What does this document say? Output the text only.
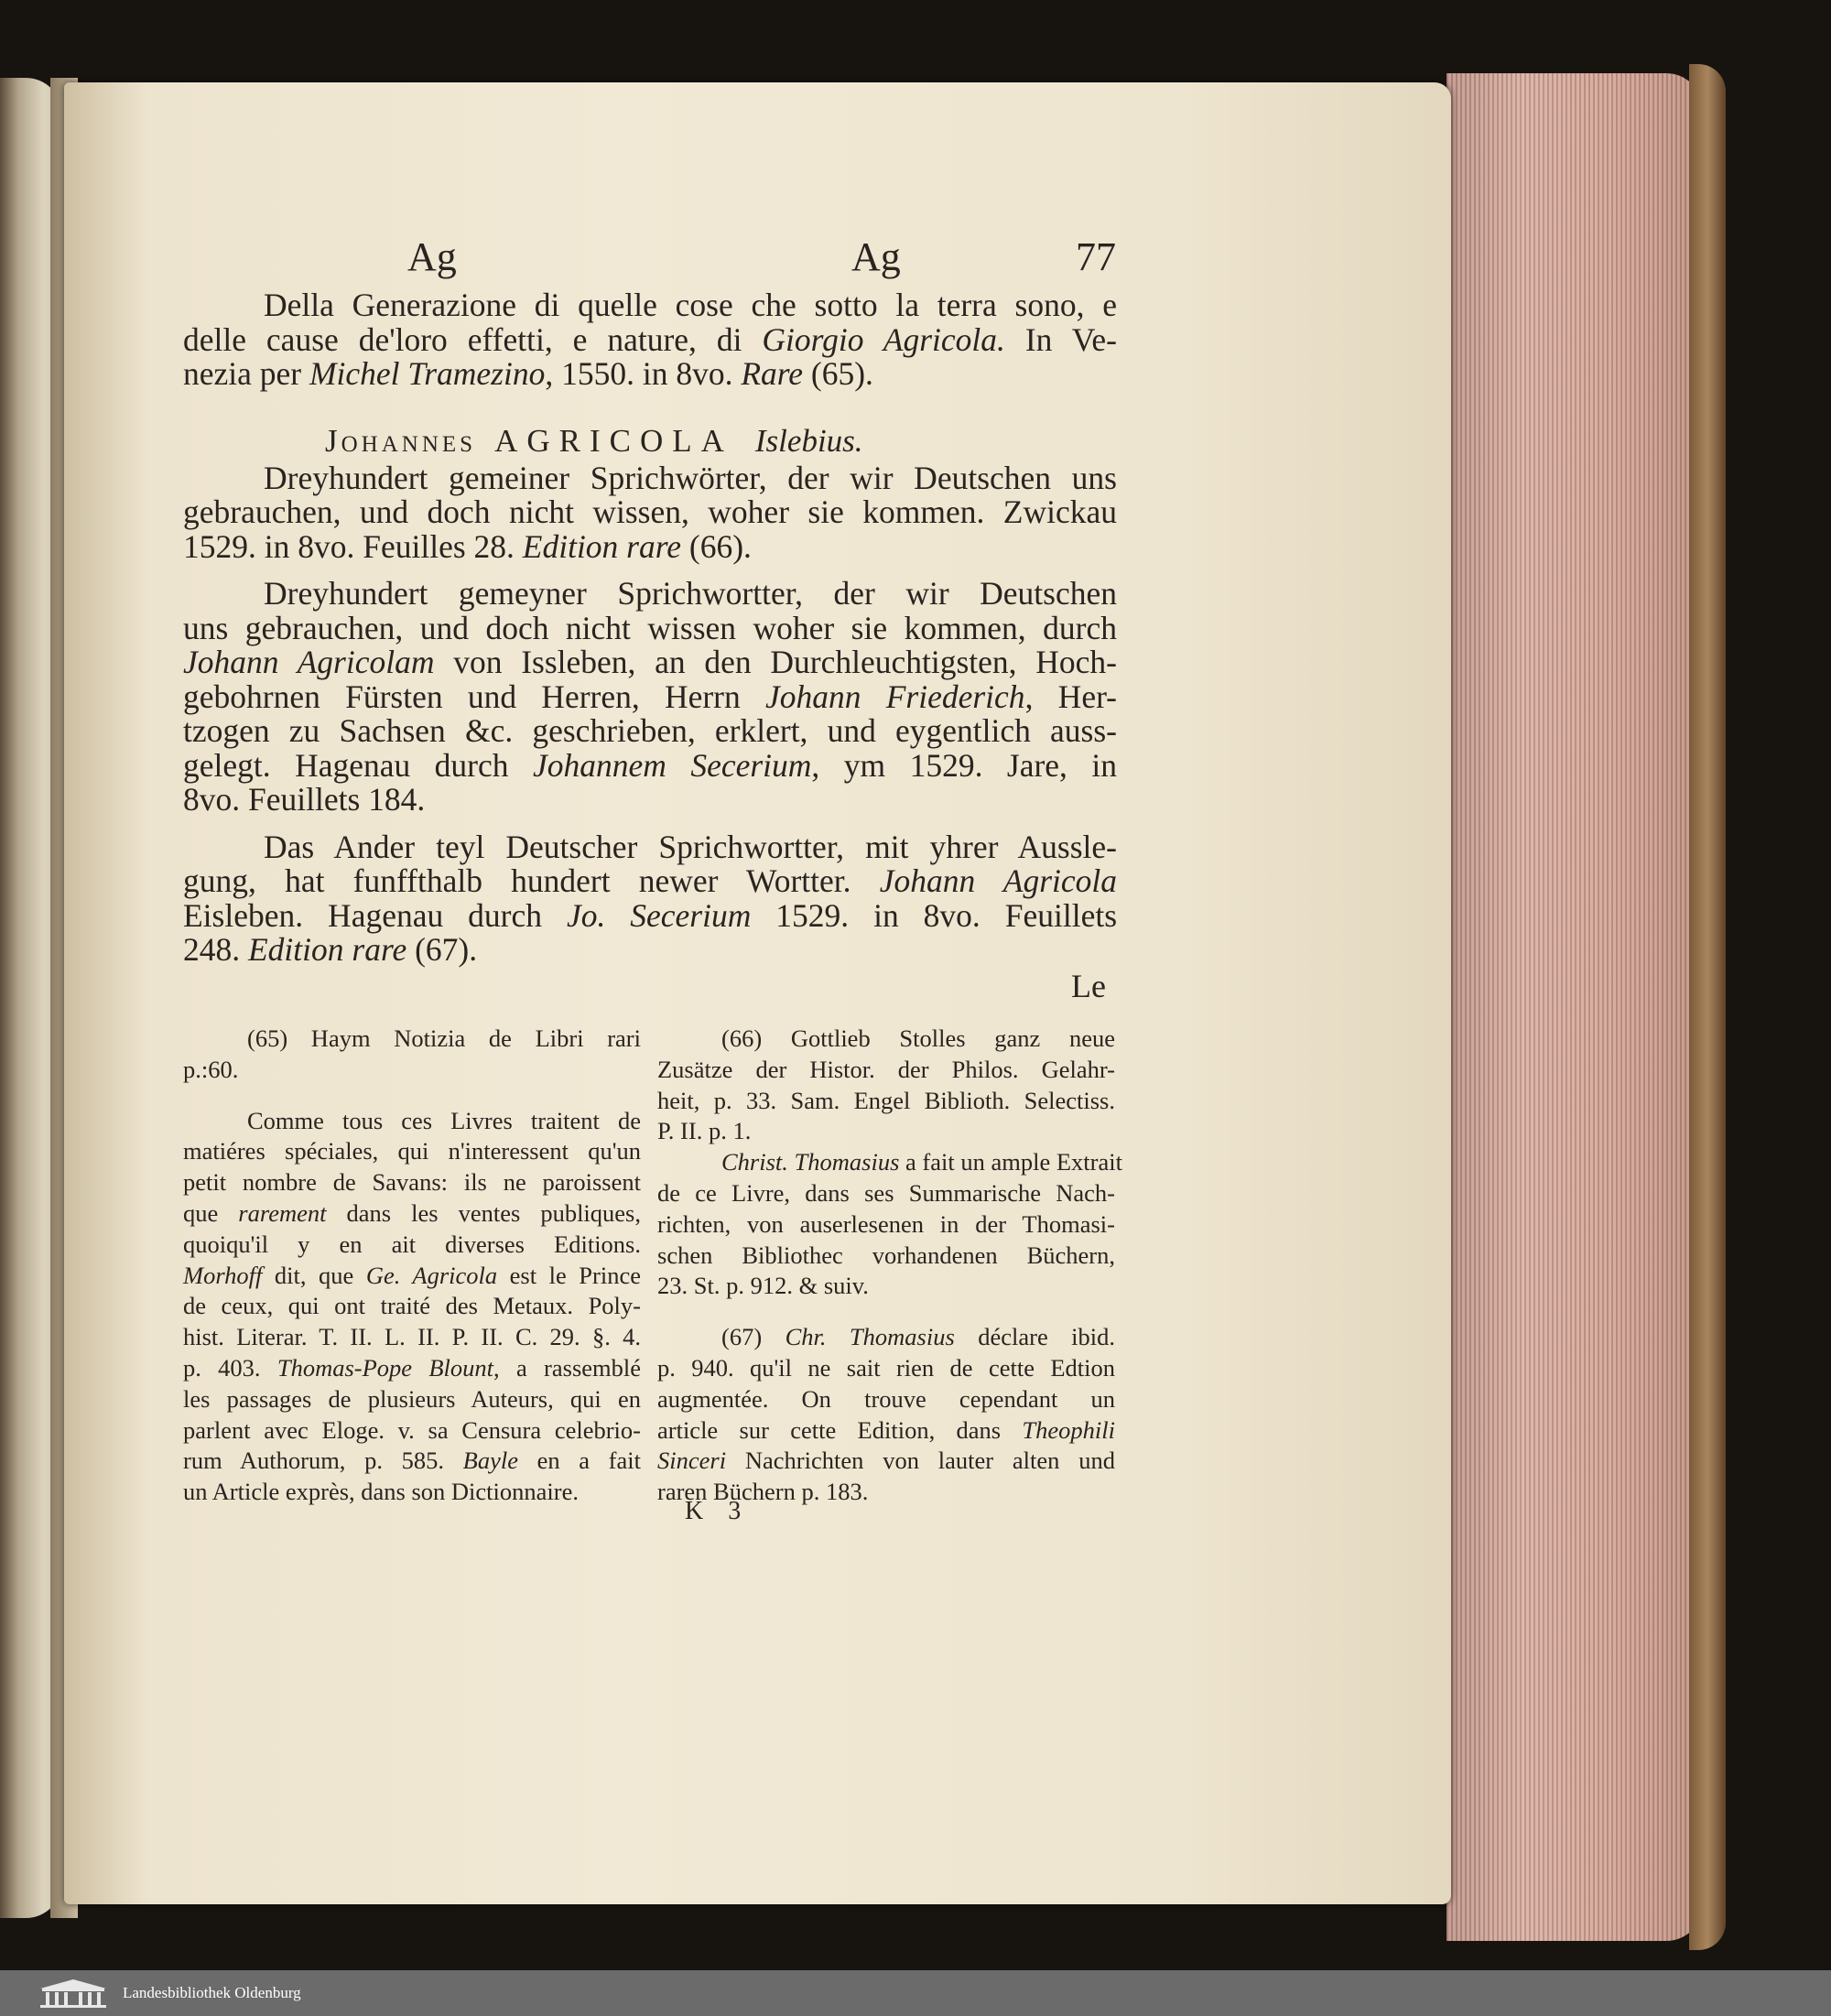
Ag	Ag	77
Della Generazione di quelle cose che sotto la terra sono, e
delle cause de'loro effetti, e nature, di Giorgio Agricola. In Ve-
nezia per Michel Tramezino, 1550. in 8vo. Rare (65).
Dreyhundert gemeiner Sprichwörter, der wir Deutschen uns
gebrauchen, und doch nicht wissen, woher sie kommen. Zwickau
1529. in 8vo. Feuilles 28. Edition rare (66).
Dreyhundert gemeyner Sprichwortter, der wir Deutschen
uns gebrauchen, und doch nicht wissen woher sie kommen, durch
Johann Agricolam von Issleben, an den Durchleuchtigsten, Hoch-
gebohrnen Fürsten und Herren, Herrn Johann Friederich, Her-
tzogen zu Sachsen &c. geschrieben, erklert, und eygentlich auss-
gelegt. Hagenau durch Johannem Secerium, ym 1529. Jare, in
8vo. Feuillets 184.
Das Ander teyl Deutscher Sprichwortter, mit yhrer Aussle-
gung, hat funffthalb hundert newer Wortter. Johann Agricola
Eisleben. Hagenau durch Jo. Secerium 1529. in 8vo. Feuillets
248. Edition rare (67).
Johannes AGRICOLA Islebius.
Le
(65) Haym Notizia de Libri rari
p.:60.
Comme tous ces Livres traitent de
matiéres spéciales, qui n'interessent qu'un
petit nombre de Savans: ils ne paroissent
que rarement dans les ventes publiques,
quoiqu'il y en ait diverses Editions.
Morhoff dit, que Ge. Agricola est le Prince
de ceux, qui ont traité des Metaux. Poly-
hist. Literar. T. II. L. II. P. II. C. 29. §. 4.
p. 403. Thomas-Pope Blount, a rassemblé
les passages de plusieurs Auteurs, qui en
parlent avec Eloge. v. sa Censura celebrio-
rum Authorum, p. 585. Bayle en a fait
un Article exprès, dans son Dictionnaire.
(66) Gottlieb Stolles ganz neue
Zusätze der Histor. der Philos. Gelahr-
heit, p. 33. Sam. Engel Biblioth. Selectiss.
P. II. p. 1.
Christ. Thomasius a fait un ample Extrait
de ce Livre, dans ses Summarische Nach-
richten, von auserlesenen in der Thomasi-
schen Bibliothec vorhandenen Büchern,
23. St. p. 912. & suiv.
(67) Chr. Thomasius déclare ibid.
p. 940. qu'il ne sait rien de cette Edtion
augmentée. On trouve cependant un
article sur cette Edition, dans Theophili
Sinceri Nachrichten von lauter alten und
raren Büchern p. 183.
K 3
Landesbibliothek Oldenburg
